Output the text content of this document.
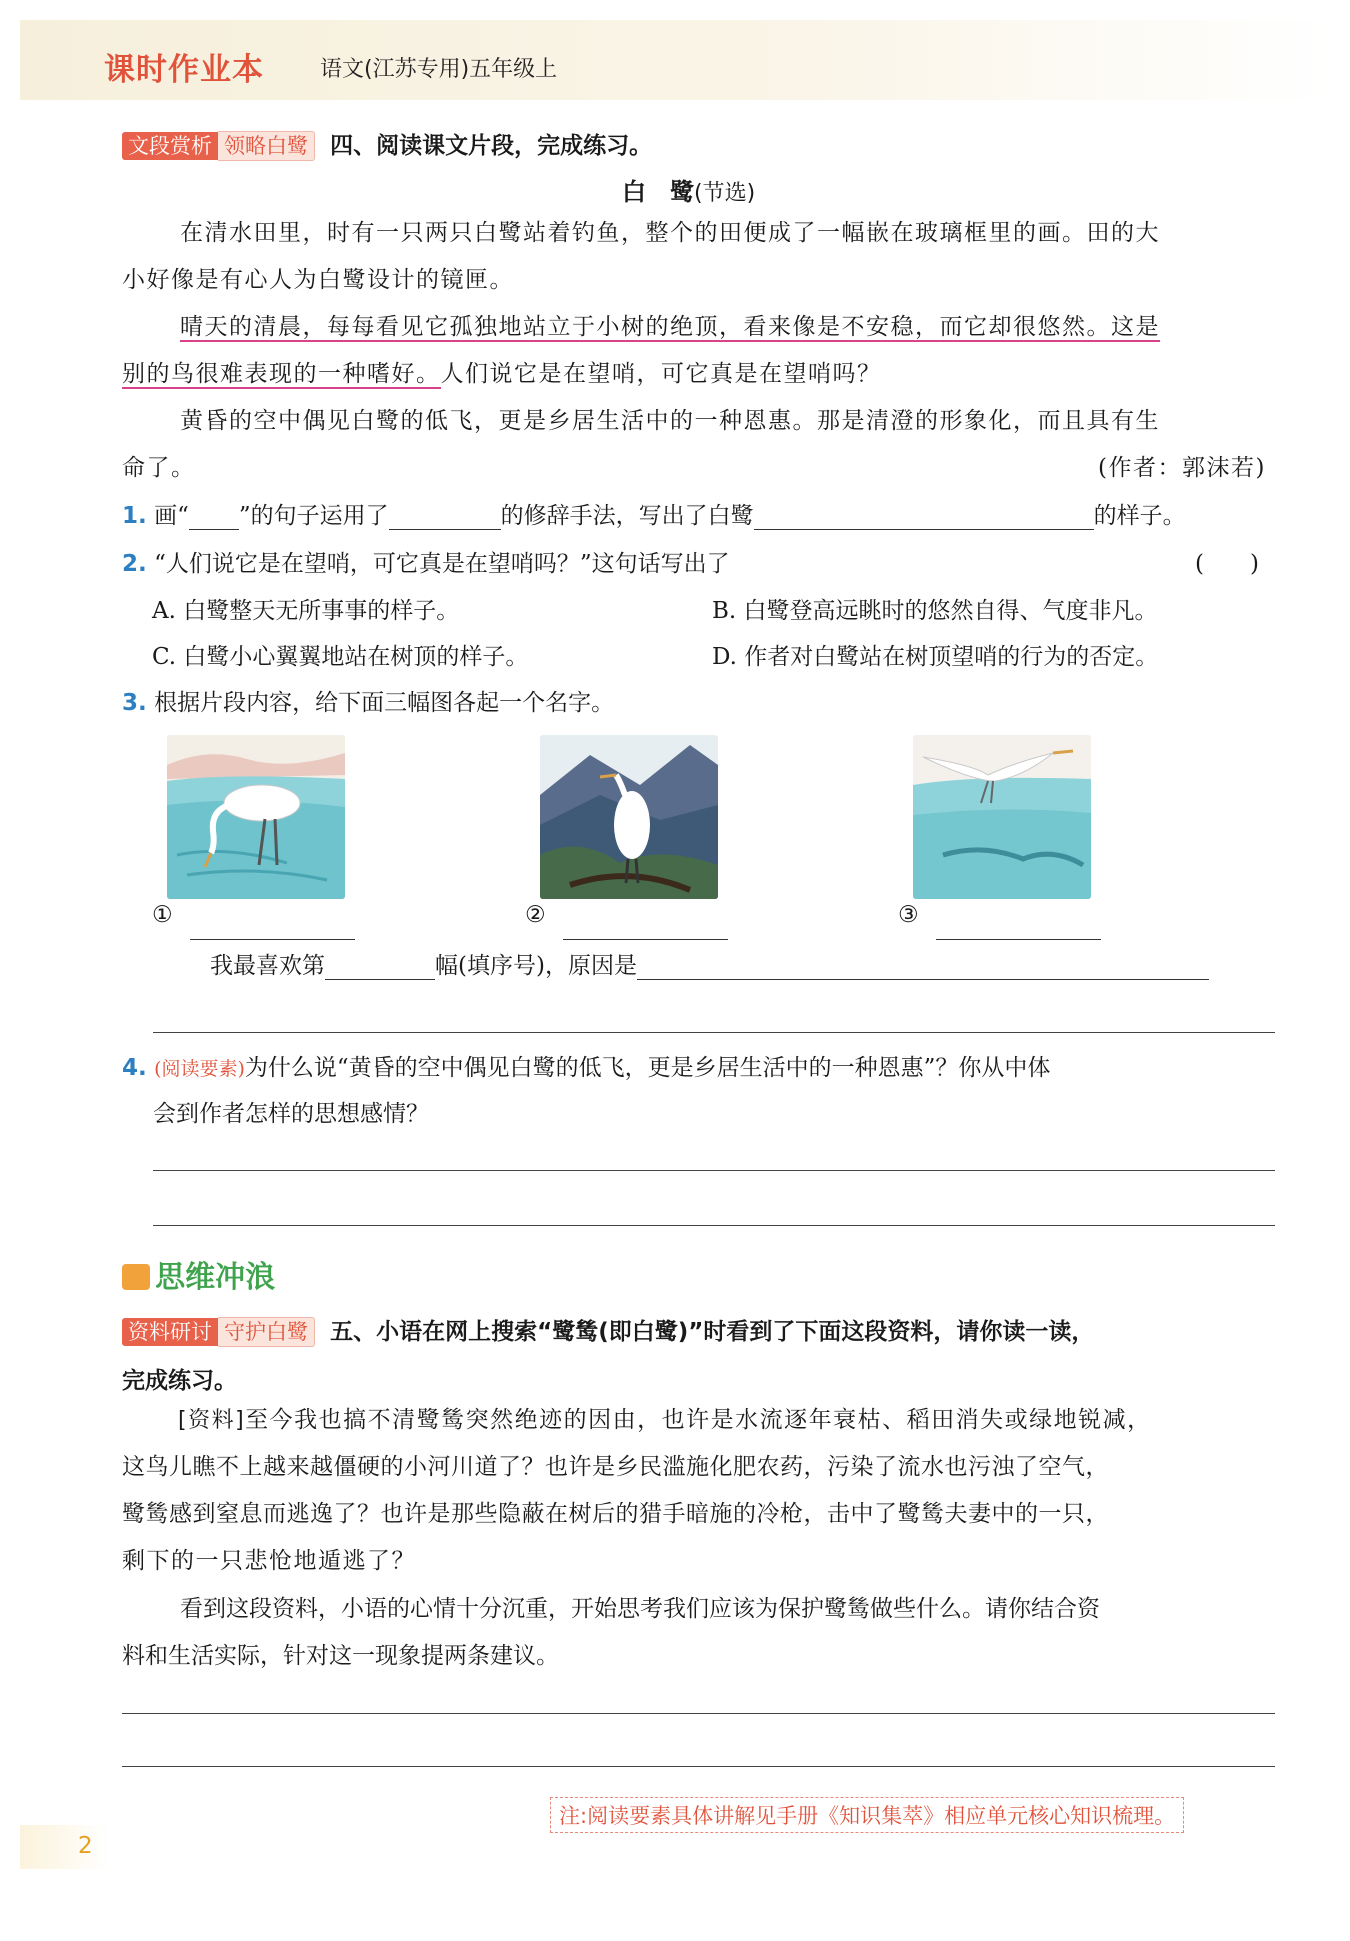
课时作业本	语文(江苏专用)五年级上
文段赏析 领略白鹭 四、阅读课文片段，完成练习。
白　鹭(节选)
在清水田里，时有一只两只白鹭站着钓鱼，整个的田便成了一幅嵌在玻璃框里的画。田的大
小好像是有心人为白鹭设计的镜匣。
晴天的清晨，每每看见它孤独地站立于小树的绝顶，看来像是不安稳，而它却很悠然。这是
别的鸟很难表现的一种嗜好。人们说它是在望哨，可它真是在望哨吗？
黄昏的空中偶见白鹭的低飞，更是乡居生活中的一种恩惠。那是清澄的形象化，而且具有生
命了。	(作者：郭沫若)
1. 画“ ”的句子运用了	的修辞手法，写出了白鹭	的样子。
2. “人们说它是在望哨，可它真是在望哨吗？”这句话写出了	(　　)
A. 白鹭整天无所事事的样子。	B. 白鹭登高远眺时的悠然自得、气度非凡。
C. 白鹭小心翼翼地站在树顶的样子。	D. 作者对白鹭站在树顶望哨的行为的否定。
3. 根据片段内容，给下面三幅图各起一个名字。
①	②	③
我最喜欢第	幅(填序号)，原因是
4. (阅读要素)为什么说“黄昏的空中偶见白鹭的低飞，更是乡居生活中的一种恩惠”？你从中体
会到作者怎样的思想感情？
思维冲浪
资料研讨 守护白鹭 五、小语在网上搜索“鹭鸶(即白鹭)”时看到了下面这段资料，请你读一读，
完成练习。
[资料]至今我也搞不清鹭鸶突然绝迹的因由，也许是水流逐年衰枯、稻田消失或绿地锐减，
这鸟儿瞧不上越来越僵硬的小河川道了？也许是乡民滥施化肥农药，污染了流水也污浊了空气，
鹭鸶感到窒息而逃逸了？也许是那些隐蔽在树后的猎手暗施的冷枪，击中了鹭鸶夫妻中的一只，
剩下的一只悲怆地遁逃了？
看到这段资料，小语的心情十分沉重，开始思考我们应该为保护鹭鸶做些什么。请你结合资
料和生活实际，针对这一现象提两条建议。
注:阅读要素具体讲解见手册《知识集萃》相应单元核心知识梳理。
2
